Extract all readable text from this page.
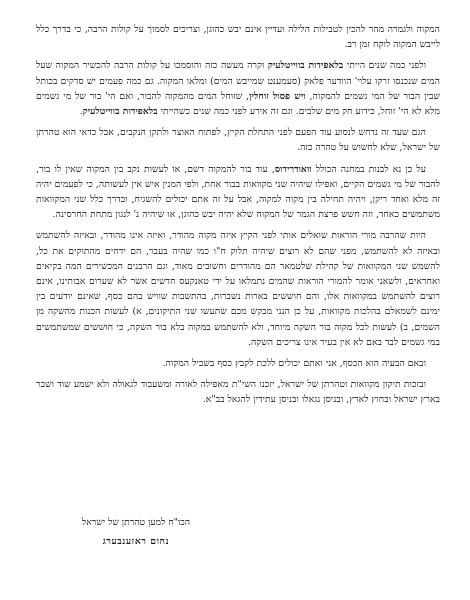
המקוה ולגמרה מהר להכין לטבילות הלילה ועדיין אינם יבש כהוגן, וצריכים לסמוך על קולות הרבה, כי בדרך כלל לייבש המקוה לוקח זמן רב.

ולפני כמה שנים הייתי בלאפידות בווייטלעיק וקרה מעשה כזה והוסמכו על קולות הרבה להכשיר המקוה שעל המים שנכנסו זרקו עלוי' הוודער פלאק (סעמענט שמייבש המים) ומלאו המקוה. גם כמה פעמים יש סדקים בכותל שבין הבור של המי גשמים להמקוה, ויש פסול זוחלין, שזוחל המים מהמקוה להבור, ואם הי' בור של מי גשמים מלא לא הי' זוחל, כידוע חק מים שלבים. וגם זה אירע לפני כמה שנים כשהייתי בלאפידות בווייטלעיק.

הגם שעד זה נדחש לנסוע עוד הפעם לפני התחלת הקיץ, לפתוח האוצר ולתקן הנקבים, אבל כדאי הוא טהרתן של ישראל, שלא לחשוש על טהרה כזה.

על כן נא לבנות במחנה הכולל וואודרידוס, עוד בור להמקוה דשם, או לעשות נקב בין המקוה שאין לו בור, להבור של מי גשמים הקיים, ואפילו שיהיה שני מקוואות בבור אחת, ולפי המנין איש אין לעשותה, כי לפעמים יהיה זה מלא ואחד ריקן, ויהיה תחילה בין מקוה למקוה, אבל על זה אתם יכולים להשגיח, ובדרך כלל שני המקוואות משתמשים כאחד, וזה חשש פרצת הגמר של המקוה שלא יהיה יבש כהוגן, או שיהיה נ' לנגון מתחת החרסינה.

היות שהרבה מורי הוראות שואלים אותי לפני הקיץ איזה מקוה מהודר, ואיזה אינו מהודר, ובאיזה להשתמש ובאיזה לא להשתמש, מפני שהם לא רוצים שיהיה תלוק ח"ו כמו שהיה בעבר, הם ידחים מהתוקים את כל, להשמש שני המקוואות של קהילת שלטמאר הם מהודרים וחשובים מאוד, וגם הרבנים המכשירים המה בקיאים ואחראים, ולשאני אומר להמורי הוראות שהמים נתמלאו על ידי טאנקעס חדשים אשר לא שערום אבותינו, אינם רוצים להשתמש במקוואות אלו, והם חוששים בארות נשברות, בהתשבות שוויש בהם כסף, שאינם יודעים בין ימינם לשמאלם בהלכות מקוואות, על כן הנני מבקש מכם שתעשו שני התיקונים, א) לעשות הכנות מהשקה מן השמים, ב) לעשות לכל מקוה בור השקה מיוחד, ולא להשתמש במקוה בלא בור השקה, כי חוששים שמשתמשים במי גשמים לבד באם לא אין בעיר אינו צריכים השקה.

ובאם הבעיה הוא הכסף, אני ואתם יכולים ללכת לקבץ כסף בשביל המקוה.

ובזכות תיקון מקוואות וטהרתן של ישראל, יזכנו השי"ת מאפילה לאורה ומשעבוד לגאולה ולא ישמע שוד ושבר בארץ ישראל ובחוץ לארץ, ובניסן נגאלו ובניסן עתידין להגאל בב"א.

הכו"ח למען טהרתן של ישראל
נחום ראזענבערג
